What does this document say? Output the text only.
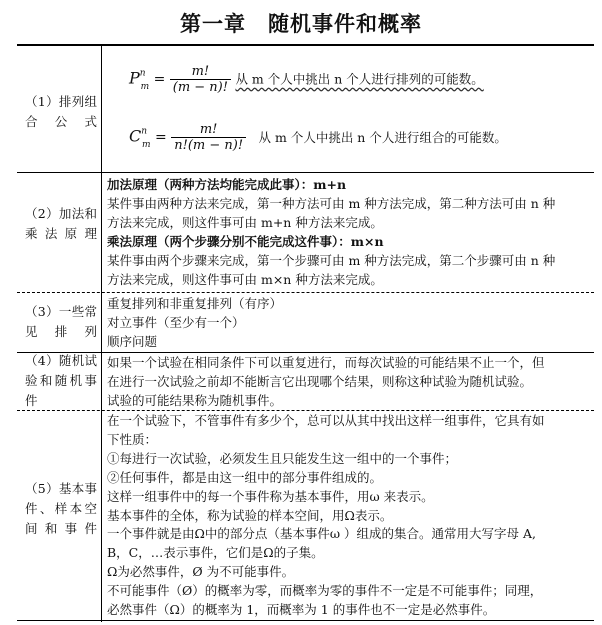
第一章　随机事件和概率
（1）排列组合公式
$P^n_m = \frac{m!}{(m - n)!}$ 从 m 个人中挑出 n 个人进行排列的可能数。
$C^n_m = \frac{m!}{n!(m - n)!}$ 从 m 个人中挑出 n 个人进行组合的可能数。
（2）加法和乘法原理
加法原理（两种方法均能完成此事）：m+n
某件事由两种方法来完成，第一种方法可由 m 种方法完成，第二种方法可由 n 种
方法来完成，则这件事可由 m+n 种方法来完成。
乘法原理（两个步骤分别不能完成这件事）：m×n
某件事由两个步骤来完成，第一个步骤可由 m 种方法完成，第二个步骤可由 n 种
方法来完成，则这件事可由 m×n 种方法来完成。
（3）一些常见排列
重复排列和非重复排列（有序）
对立事件（至少有一个）
顺序问题
（4）随机试验和随机事件
如果一个试验在相同条件下可以重复进行，而每次试验的可能结果不止一个，但
在进行一次试验之前却不能断言它出现哪个结果，则称这种试验为随机试验。
试验的可能结果称为随机事件。
（5）基本事件、样本空间和事件
在一个试验下，不管事件有多少个，总可以从其中找出这样一组事件，它具有如
下性质：
①每进行一次试验，必须发生且只能发生这一组中的一个事件；
②任何事件，都是由这一组中的部分事件组成的。
这样一组事件中的每一个事件称为基本事件，用ω 来表示。
基本事件的全体，称为试验的样本空间，用Ω表示。
一个事件就是由Ω中的部分点（基本事件ω ）组成的集合。通常用大写字母 A,
B，C，…表示事件，它们是Ω的子集。
Ω为必然事件，Ø 为不可能事件。
不可能事件（Ø）的概率为零，而概率为零的事件不一定是不可能事件；同理，
必然事件（Ω）的概率为 1，而概率为 1 的事件也不一定是必然事件。
